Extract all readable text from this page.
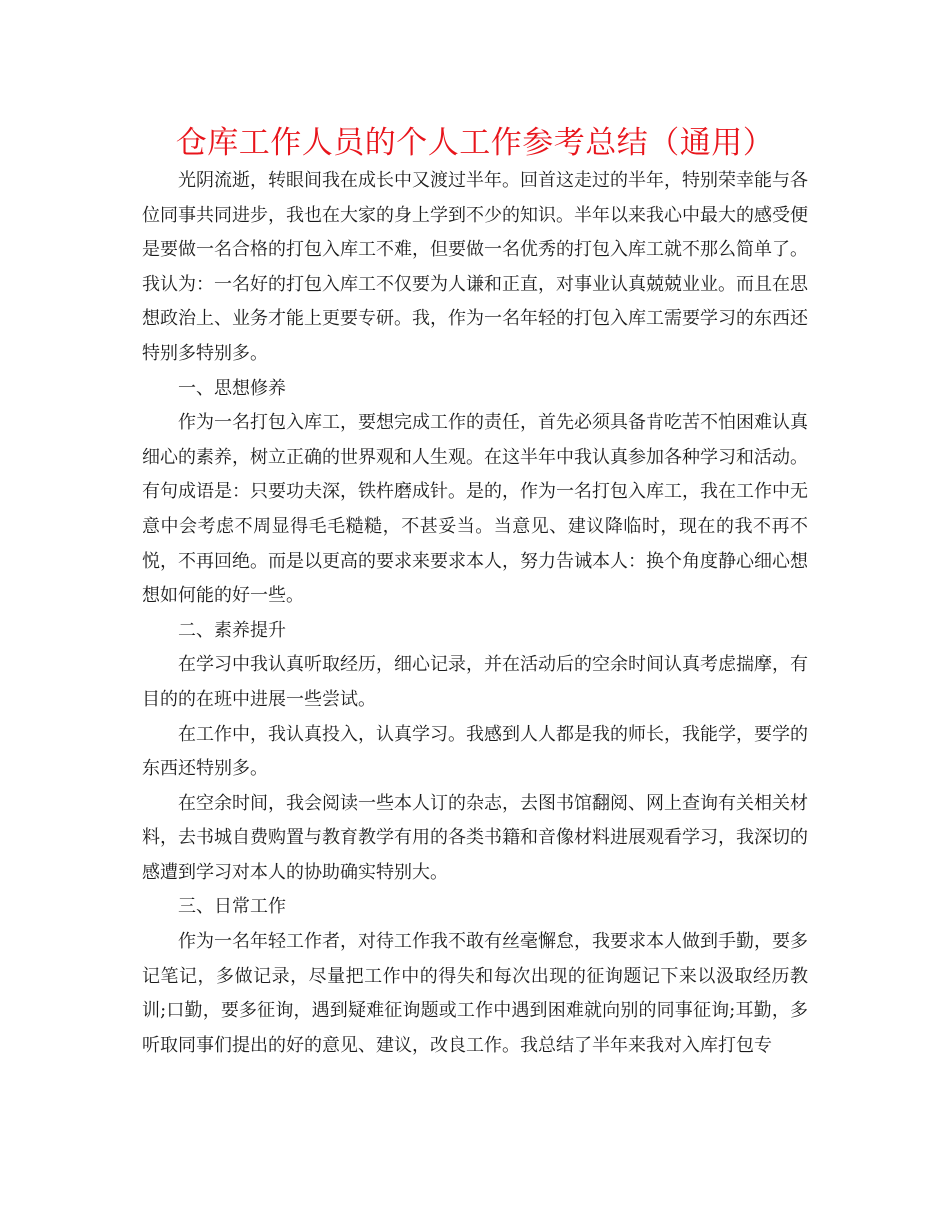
仓库工作人员的个人工作参考总结（通用）

光阴流逝，转眼间我在成长中又渡过半年。回首这走过的半年，特别荣幸能与各位同事共同进步，我也在大家的身上学到不少的知识。半年以来我心中最大的感受便是要做一名合格的打包入库工不难，但要做一名优秀的打包入库工就不那么简单了。我认为：一名好的打包入库工不仅要为人谦和正直，对事业认真兢兢业业。而且在思想政治上、业务才能上更要专研。我，作为一名年轻的打包入库工需要学习的东西还特别多特别多。

一、思想修养

作为一名打包入库工，要想完成工作的责任，首先必须具备肯吃苦不怕困难认真细心的素养，树立正确的世界观和人生观。在这半年中我认真参加各种学习和活动。有句成语是：只要功夫深，铁杵磨成针。是的，作为一名打包入库工，我在工作中无意中会考虑不周显得毛毛糙糙，不甚妥当。当意见、建议降临时，现在的我不再不悦，不再回绝。而是以更高的要求来要求本人，努力告诫本人：换个角度静心细心想想如何能的好一些。

二、素养提升

在学习中我认真听取经历，细心记录，并在活动后的空余时间认真考虑揣摩，有目的的在班中进展一些尝试。

在工作中，我认真投入，认真学习。我感到人人都是我的师长，我能学，要学的东西还特别多。

在空余时间，我会阅读一些本人订的杂志，去图书馆翻阅、网上查询有关相关材料，去书城自费购置与教育教学有用的各类书籍和音像材料进展观看学习，我深切的感遭到学习对本人的协助确实特别大。

三、日常工作

作为一名年轻工作者，对待工作我不敢有丝毫懈怠，我要求本人做到手勤，要多记笔记，多做记录，尽量把工作中的得失和每次出现的征询题记下来以汲取经历教训;口勤，要多征询，遇到疑难征询题或工作中遇到困难就向别的同事征询;耳勤，多听取同事们提出的好的意见、建议，改良工作。我总结了半年来我对入库打包专
